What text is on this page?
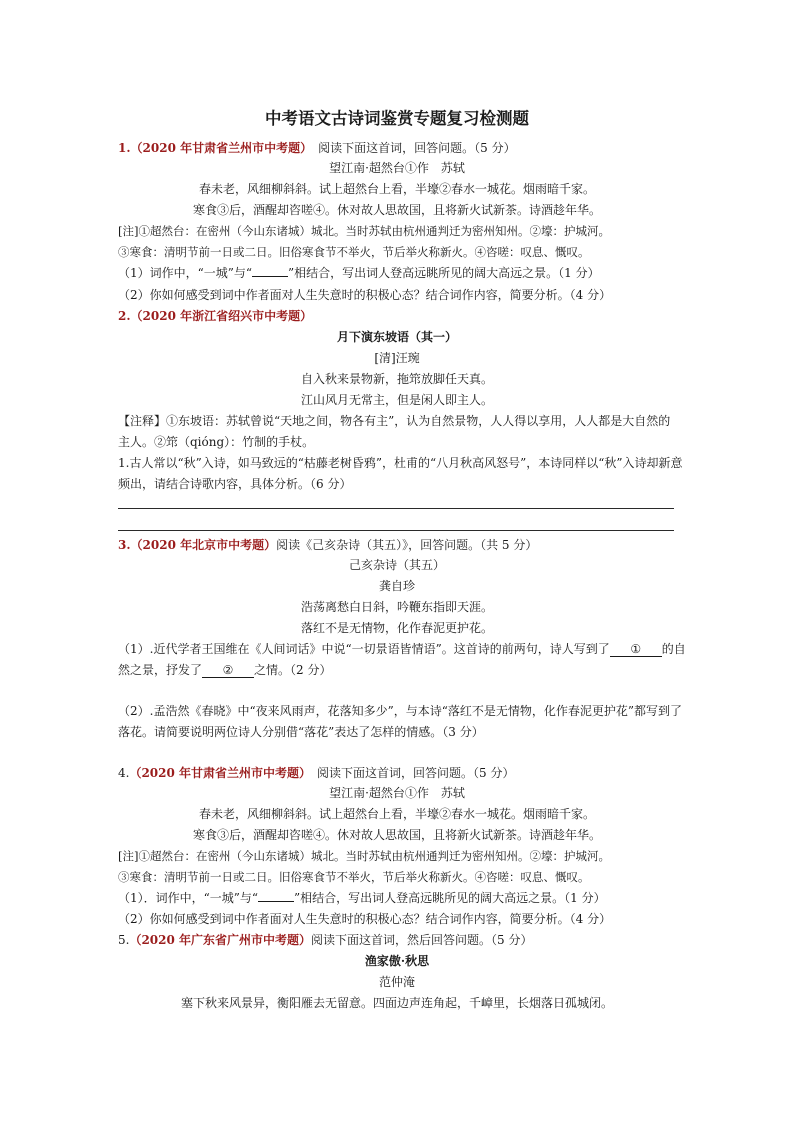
中考语文古诗词鉴赏专题复习检测题
1.（2020 年甘肃省兰州市中考题）　 阅读下面这首词，回答问题。（5 分）
望江南·超然台①作　苏轼
春未老，风细柳斜斜。试上超然台上看，半壕②春水一城花。烟雨暗千家。
寒食③后，酒醒却咨嗟④。休对故人思故国，且将新火试新茶。诗酒趁年华。
[注]①超然台：在密州（今山东诸城）城北。当时苏轼由杭州通判迁为密州知州。②壕：护城河。
③寒食：清明节前一日或二日。旧俗寒食节不举火，节后举火称新火。④咨嗟：叹息、慨叹。
（1）词作中，“一城”与“	”相结合，写出词人登高远眺所见的阔大高远之景。（1 分）
（2）你如何感受到词中作者面对人生失意时的积极心态？结合词作内容，简要分析。（4 分）
2.（2020 年浙江省绍兴市中考题）
月下演东坡语（其一）
[清]汪琬
自入秋来景物新，拖筇放脚任天真。
江山风月无常主，但是闲人即主人。
【注释】①东坡语：苏轼曾说“天地之间，物各有主”，认为自然景物，人人得以享用，人人都是大自然的
主人。②筇（qióng）：竹制的手杖。
1.古人常以“秋”入诗，如马致远的“枯藤老树昏鸦”，杜甫的“八月秋高风怒号”，本诗同样以“秋”入诗却新意
频出，请结合诗歌内容，具体分析。（6 分）
3.（2020 年北京市中考题）阅读《己亥杂诗（其五）》，回答问题。（共 5 分）
己亥杂诗（其五）
龚自珍
浩荡离愁白日斜，吟鞭东指即天涯。
落红不是无情物，化作春泥更护花。
（1）.近代学者王国维在《人间词话》中说“一切景语皆情语”。这首诗的前两句，诗人写到了 ① 的自
然之景，抒发了 ② 之情。（2 分）
（2）.孟浩然《春晓》中“夜来风雨声，花落知多少”，与本诗“落红不是无情物，化作春泥更护花”都写到了
落花。请简要说明两位诗人分别借“落花”表达了怎样的情感。（3 分）
4.（2020 年甘肃省兰州市中考题）　 阅读下面这首词，回答问题。（5 分）
望江南·超然台①作　苏轼
春未老，风细柳斜斜。试上超然台上看，半壕②春水一城花。烟雨暗千家。
寒食③后，酒醒却咨嗟④。休对故人思故国，且将新火试新茶。诗酒趁年华。
[注]①超然台：在密州（今山东诸城）城北。当时苏轼由杭州通判迁为密州知州。②壕：护城河。
③寒食：清明节前一日或二日。旧俗寒食节不举火，节后举火称新火。④咨嗟：叹息、慨叹。
（1）．词作中，“一城”与“	”相结合，写出词人登高远眺所见的阔大高远之景。（1 分）
（2）你如何感受到词中作者面对人生失意时的积极心态？结合词作内容，简要分析。（4 分）
5.（2020 年广东省广州市中考题）阅读下面这首词，然后回答问题。（5 分）
渔家傲·秋思
范仲淹
塞下秋来风景异，衡阳雁去无留意。四面边声连角起，千嶂里，长烟落日孤城闭。
